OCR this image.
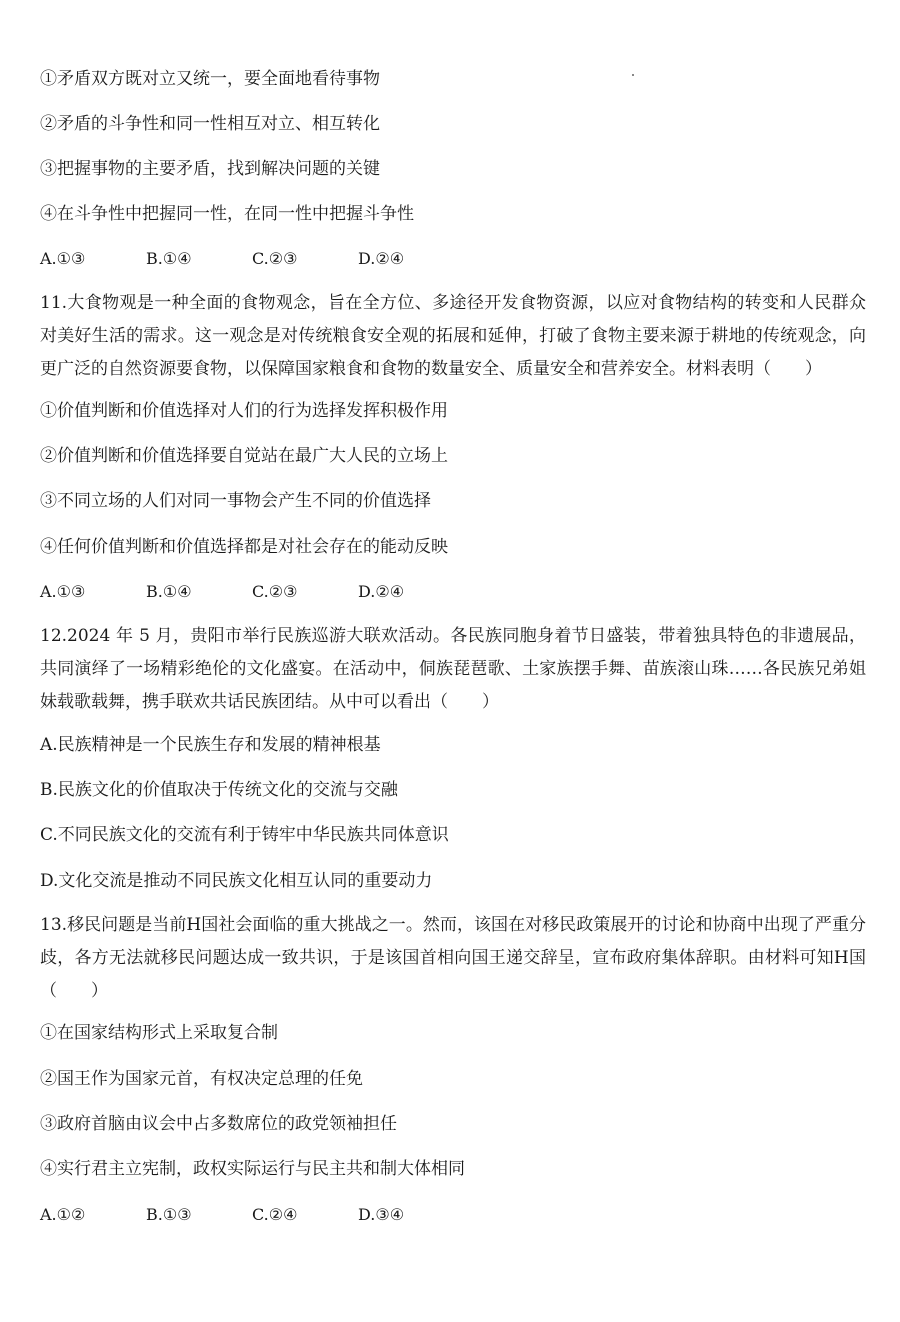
①矛盾双方既对立又统一，要全面地看待事物
②矛盾的斗争性和同一性相互对立、相互转化
③把握事物的主要矛盾，找到解决问题的关键
④在斗争性中把握同一性，在同一性中把握斗争性
A.①③	B.①④	C.②③	D.②④
11.大食物观是一种全面的食物观念，旨在全方位、多途径开发食物资源，以应对食物结构的转变和人民群众对美好生活的需求。这一观念是对传统粮食安全观的拓展和延伸，打破了食物主要来源于耕地的传统观念，向更广泛的自然资源要食物，以保障国家粮食和食物的数量安全、质量安全和营养安全。材料表明（　　）
①价值判断和价值选择对人们的行为选择发挥积极作用
②价值判断和价值选择要自觉站在最广大人民的立场上
③不同立场的人们对同一事物会产生不同的价值选择
④任何价值判断和价值选择都是对社会存在的能动反映
A.①③	B.①④	C.②③	D.②④
12.2024 年 5 月，贵阳市举行民族巡游大联欢活动。各民族同胞身着节日盛装，带着独具特色的非遗展品，共同演绎了一场精彩绝伦的文化盛宴。在活动中，侗族琵琶歌、土家族摆手舞、苗族滚山珠……各民族兄弟姐妹载歌载舞，携手联欢共话民族团结。从中可以看出（　　）
A.民族精神是一个民族生存和发展的精神根基
B.民族文化的价值取决于传统文化的交流与交融
C.不同民族文化的交流有利于铸牢中华民族共同体意识
D.文化交流是推动不同民族文化相互认同的重要动力
13.移民问题是当前H国社会面临的重大挑战之一。然而，该国在对移民政策展开的讨论和协商中出现了严重分歧，各方无法就移民问题达成一致共识，于是该国首相向国王递交辞呈，宣布政府集体辞职。由材料可知H国（　　）
①在国家结构形式上采取复合制
②国王作为国家元首，有权决定总理的任免
③政府首脑由议会中占多数席位的政党领袖担任
④实行君主立宪制，政权实际运行与民主共和制大体相同
A.①②	B.①③	C.②④	D.③④
